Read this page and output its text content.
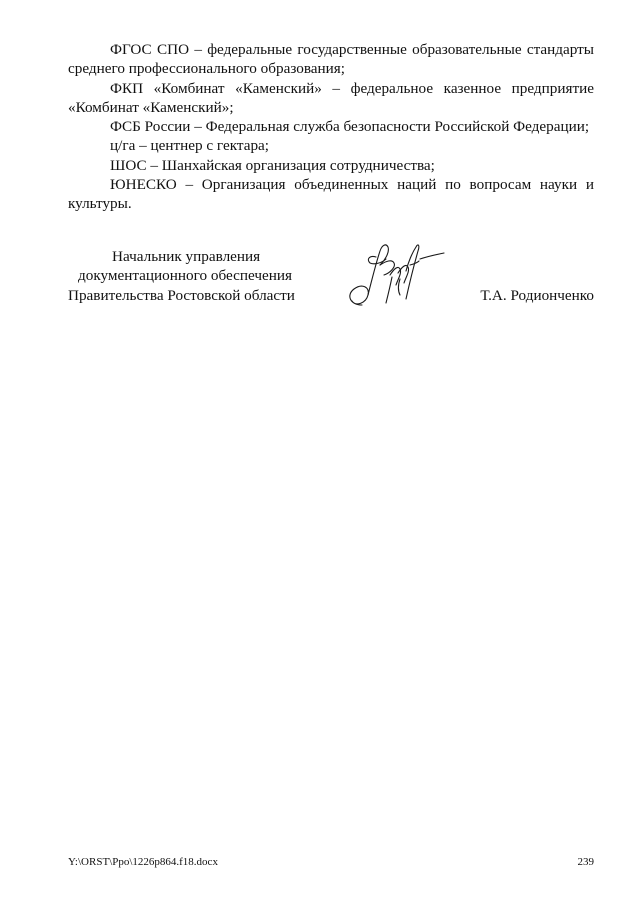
ФГОС СПО – федеральные государственные образовательные стандарты среднего профессионального образования;

ФКП «Комбинат «Каменский» – федеральное казенное предприятие «Комбинат «Каменский»;

ФСБ России – Федеральная служба безопасности Российской Федерации;

ц/га – центнер с гектара;

ШОС – Шанхайская организация сотрудничества;

ЮНЕСКО – Организация объединенных наций по вопросам науки и культуры.

Начальник управления
документационного обеспечения
Правительства Ростовской области	Т.А. Родионченко
Y:\ORST\Ppo\1226p864.f18.docx	239
